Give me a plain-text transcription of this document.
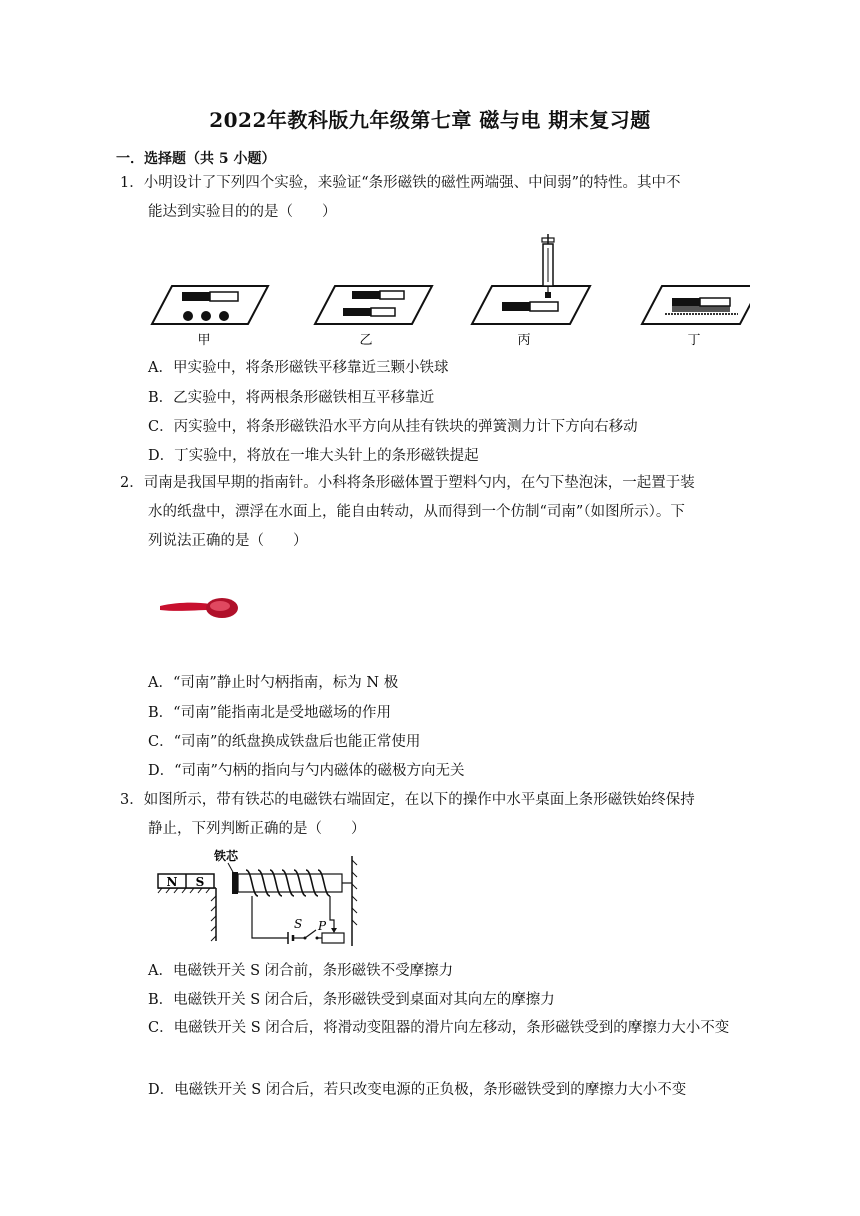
2022年教科版九年级第七章 磁与电 期末复习题
一．选择题（共 5 小题）
1．小明设计了下列四个实验，来验证“条形磁铁的磁性两端强、中间弱”的特性。其中不
能达到实验目的的是（　　）
甲	乙	丙	丁
A．甲实验中，将条形磁铁平移靠近三颗小铁球
B．乙实验中，将两根条形磁铁相互平移靠近
C．丙实验中，将条形磁铁沿水平方向从挂有铁块的弹簧测力计下方向右移动
D．丁实验中，将放在一堆大头针上的条形磁铁提起
2．司南是我国早期的指南针。小科将条形磁体置于塑料勺内，在勺下垫泡沫，一起置于装
水的纸盘中，漂浮在水面上，能自由转动，从而得到一个仿制“司南”（如图所示）。下
列说法正确的是（　　）
A．“司南”静止时勺柄指南，标为 N 极
B．“司南”能指南北是受地磁场的作用
C．“司南”的纸盘换成铁盘后也能正常使用
D．“司南”勺柄的指向与勺内磁体的磁极方向无关
3．如图所示，带有铁芯的电磁铁右端固定，在以下的操作中水平桌面上条形磁铁始终保持
静止，下列判断正确的是（　　）
N S
铁芯
S P
A．电磁铁开关 S 闭合前，条形磁铁不受摩擦力
B．电磁铁开关 S 闭合后，条形磁铁受到桌面对其向左的摩擦力
C．电磁铁开关 S 闭合后，将滑动变阻器的滑片向左移动，条形磁铁受到的摩擦力大小不变
D．电磁铁开关 S 闭合后，若只改变电源的正负极，条形磁铁受到的摩擦力大小不变
